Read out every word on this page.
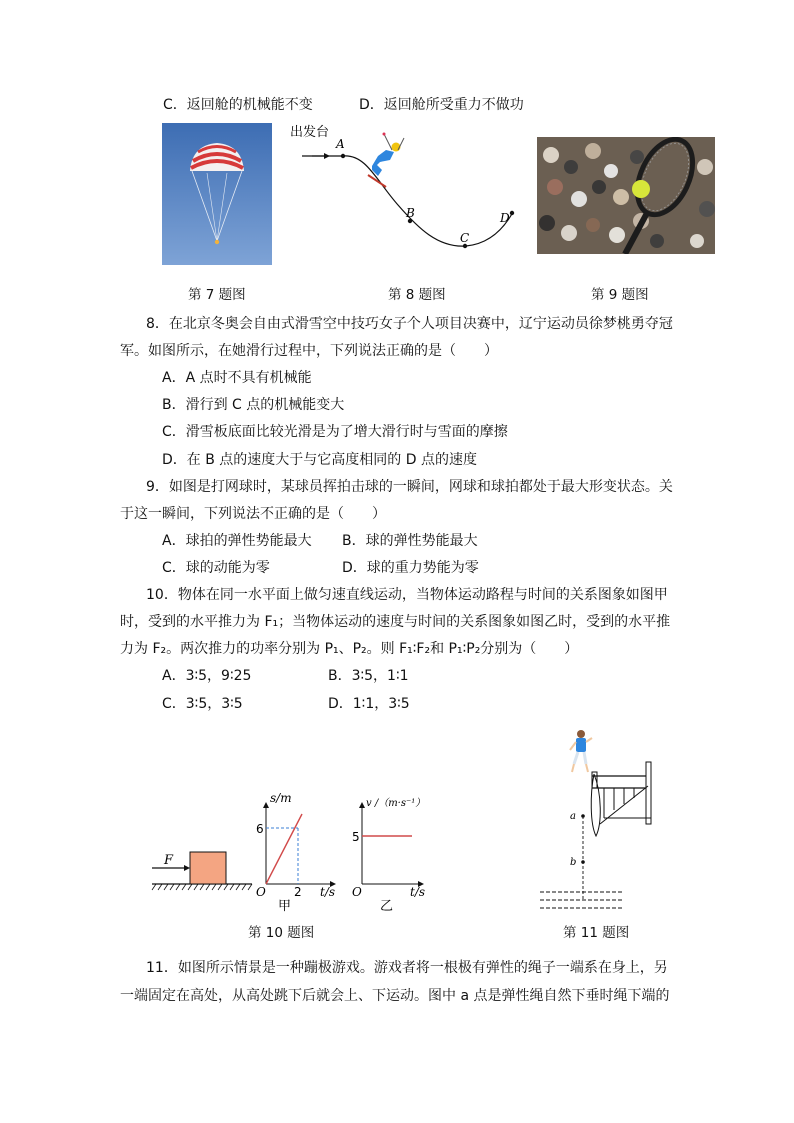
C．返回舱的机械能不变	D．返回舱所受重力不做功
出发台
A
B
C
D
第 7 题图	第 8 题图	第 9 题图
8．在北京冬奥会自由式滑雪空中技巧女子个人项目决赛中，辽宁运动员徐梦桃勇夺冠
军。如图所示，在她滑行过程中，下列说法正确的是（　　）
A．A 点时不具有机械能
B．滑行到 C 点的机械能变大
C．滑雪板底面比较光滑是为了增大滑行时与雪面的摩擦
D．在 B 点的速度大于与它高度相同的 D 点的速度
9．如图是打网球时，某球员挥拍击球的一瞬间，网球和球拍都处于最大形变状态。关
于这一瞬间，下列说法不正确的是（　　）
A．球拍的弹性势能最大 B．球的弹性势能最大
C．球的动能为零	D．球的重力势能为零
10．物体在同一水平面上做匀速直线运动，当物体运动路程与时间的关系图象如图甲
时，受到的水平推力为 F₁；当物体运动的速度与时间的关系图象如图乙时，受到的水平推
力为 F₂。两次推力的功率分别为 P₁、P₂。则 F₁∶F₂和 P₁∶P₂分别为（　　）
A．3∶5，9∶25	B．3∶5，1∶1
C．3∶5，3∶5	D．1∶1，3∶5
F
s/m
t/s
O
6
2
甲
v /（m·s⁻¹）
t/s
O
5
乙
a
b
第 10 题图	第 11 题图
11．如图所示情景是一种蹦极游戏。游戏者将一根极有弹性的绳子一端系在身上，另
一端固定在高处，从高处跳下后就会上、下运动。图中 a 点是弹性绳自然下垂时绳下端的
